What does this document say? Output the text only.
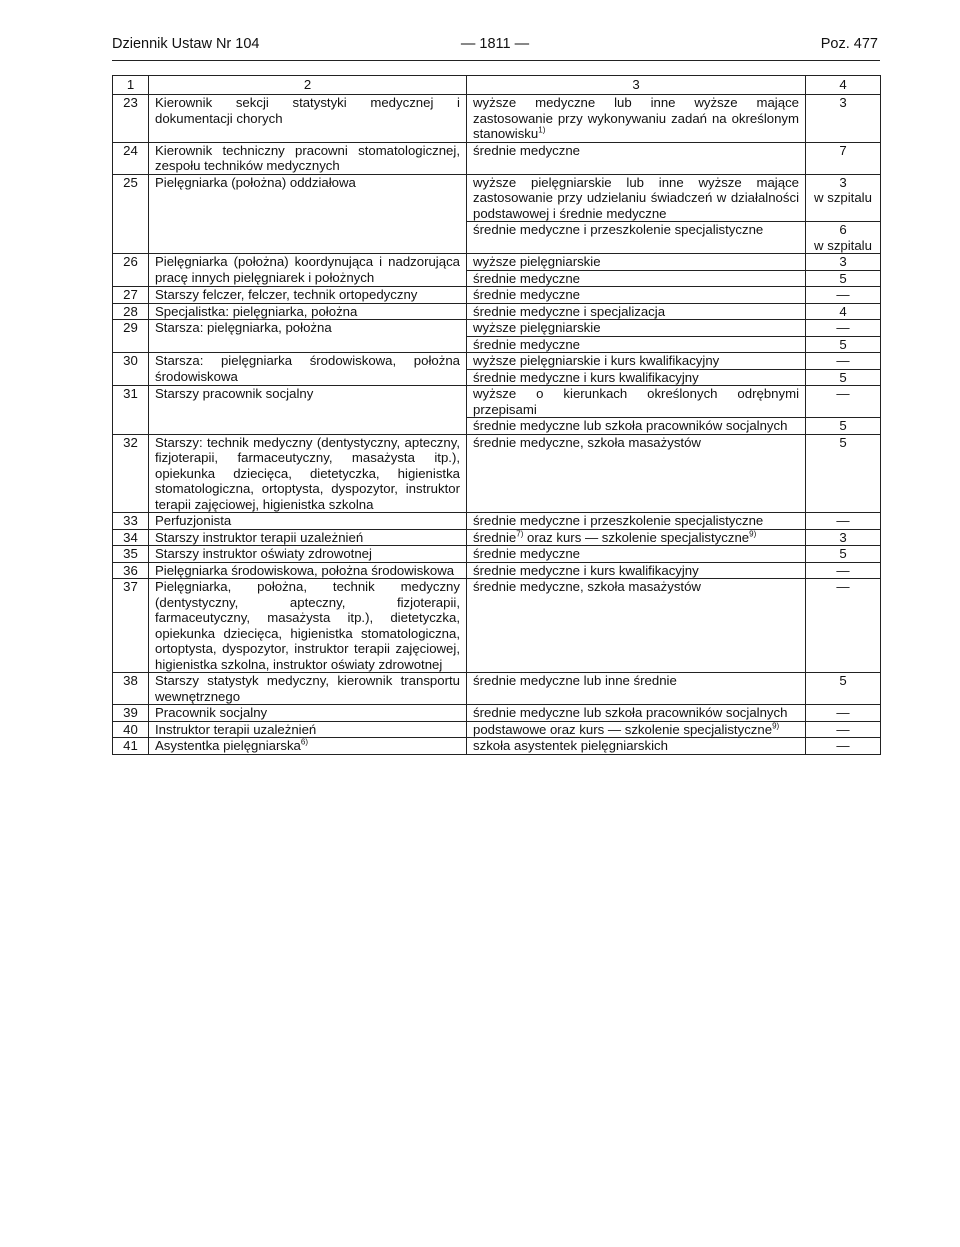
Dziennik Ustaw Nr 104	— 1811 —	Poz. 477
1	2	3	4
23	Kierownik sekcji statystyki medycznej i dokumentacji chorych	wyższe medyczne lub inne wyższe mające zastosowanie przy wykonywaniu zadań na określonym stanowisku$^{1)}$	3

24	Kierownik techniczny pracowni stomatologicznej, zespołu techników medycznych	średnie medyczne	7

25	Pielęgniarka (położna) oddziałowa	wyższe pielęgniarskie lub inne wyższe mające zastosowanie przy udzielaniu świadczeń w działalności podstawowej i średnie medyczne	3
w szpitalu

		średnie medyczne i przeszkolenie specjalistyczne	6
w szpitalu

26	Pielęgniarka (położna) koordynująca i nadzorująca pracę innych pielęgniarek i położnych	wyższe pielęgniarskie	3

		średnie medyczne	5

27	Starszy felczer, felczer, technik ortopedyczny	średnie medyczne	—

28	Specjalistka: pielęgniarka, położna	średnie medyczne i specjalizacja	4

29	Starsza: pielęgniarka, położna	wyższe pielęgniarskie	—

		średnie medyczne	5

30	Starsza: pielęgniarka środowiskowa, położna środowiskowa	wyższe pielęgniarskie i kurs kwalifikacyjny	—

		średnie medyczne i kurs kwalifikacyjny	5

31	Starszy pracownik socjalny	wyższe o kierunkach określonych odrębnymi przepisami	—

		średnie medyczne lub szkoła pracowników socjalnych	5

32	Starszy: technik medyczny (dentystyczny, apteczny, fizjoterapii, farmaceutyczny, masażysta itp.), opiekunka dziecięca, dietetyczka, higienistka stomatologiczna, ortoptysta, dyspozytor, instruktor terapii zajęciowej, higienistka szkolna	średnie medyczne, szkoła masażystów	5

33	Perfuzjonista	średnie medyczne i przeszkolenie specjalistyczne	—

34	Starszy instruktor terapii uzależnień	średnie$^{7)}$ oraz kurs — szkolenie specjalistyczne$^{9)}$	3

35	Starszy instruktor oświaty zdrowotnej	średnie medyczne	5

36	Pielęgniarka środowiskowa, położna środowiskowa	średnie medyczne i kurs kwalifikacyjny	—

37	Pielęgniarka, położna, technik medyczny (dentystyczny, apteczny, fizjoterapii, farmaceutyczny, masażysta itp.), dietetyczka, opiekunka dziecięca, higienistka stomatologiczna, ortoptysta, dyspozytor, instruktor terapii zajęciowej, higienistka szkolna, instruktor oświaty zdrowotnej	średnie medyczne, szkoła masażystów	—

38	Starszy statystyk medyczny, kierownik transportu wewnętrznego	średnie medyczne lub inne średnie	5

39	Pracownik socjalny	średnie medyczne lub szkoła pracowników socjalnych	—

40	Instruktor terapii uzależnień	podstawowe oraz kurs — szkolenie specjalistyczne$^{9)}$	—

41	Asystentka pielęgniarska$^{6)}$	szkoła asystentek pielęgniarskich	—
